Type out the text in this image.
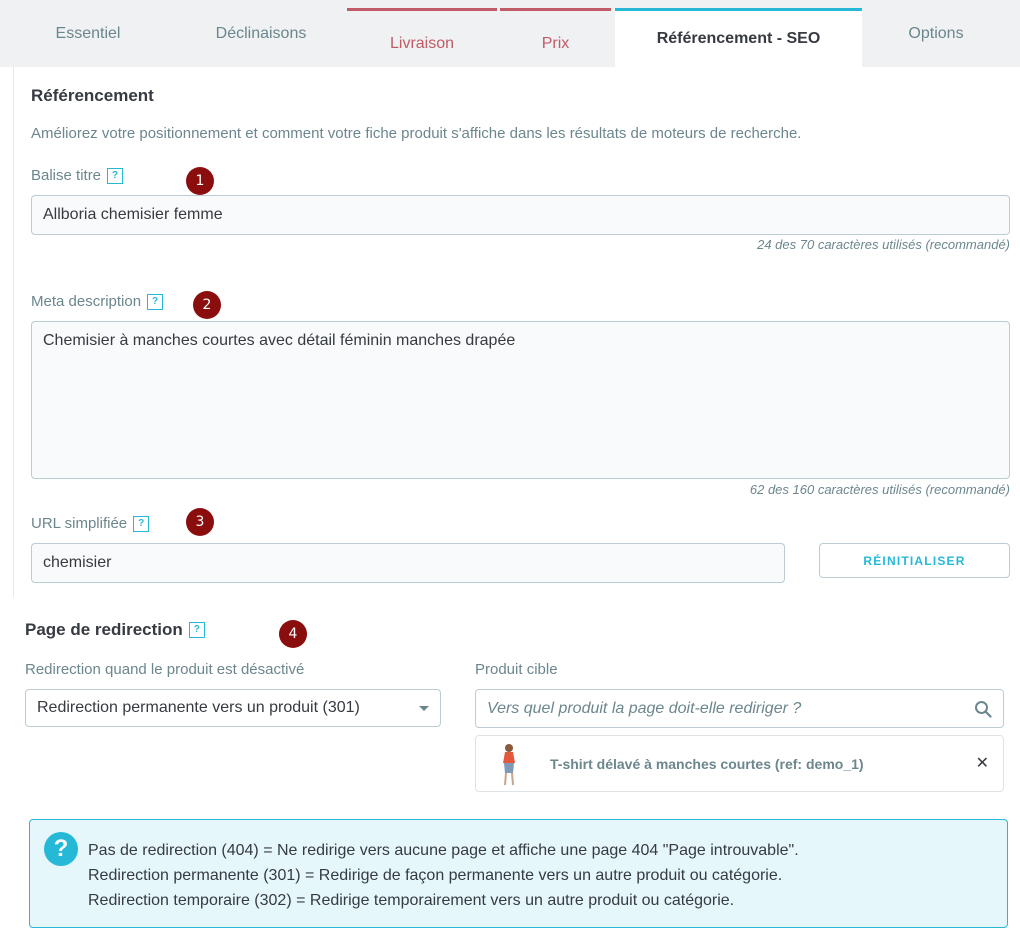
Essentiel	Déclinaisons
Livraison	Prix	Référencement - SEO	Options
Référencement
Améliorez votre positionnement et comment votre fiche produit s'affiche dans les résultats de moteurs de recherche.
Balise titre	?	1
Allboria chemisier femme
24 des 70 caractères utilisés (recommandé)
Meta description	?	2
Chemisier à manches courtes avec détail féminin manches drapée
62 des 160 caractères utilisés (recommandé)
URL simplifiée	?	3
chemisier	RÉINITIALISER
Page de redirection	?	4
Redirection quand le produit est désactivé
Redirection permanente vers un produit (301)
Produit cible
Vers quel produit la page doit-elle rediriger ?
T-shirt délavé à manches courtes (ref: demo_1)	✕
?	Pas de redirection (404) = Ne redirige vers aucune page et affiche une page 404 "Page introuvable".
Redirection permanente (301) = Redirige de façon permanente vers un autre produit ou catégorie.
Redirection temporaire (302) = Redirige temporairement vers un autre produit ou catégorie.
